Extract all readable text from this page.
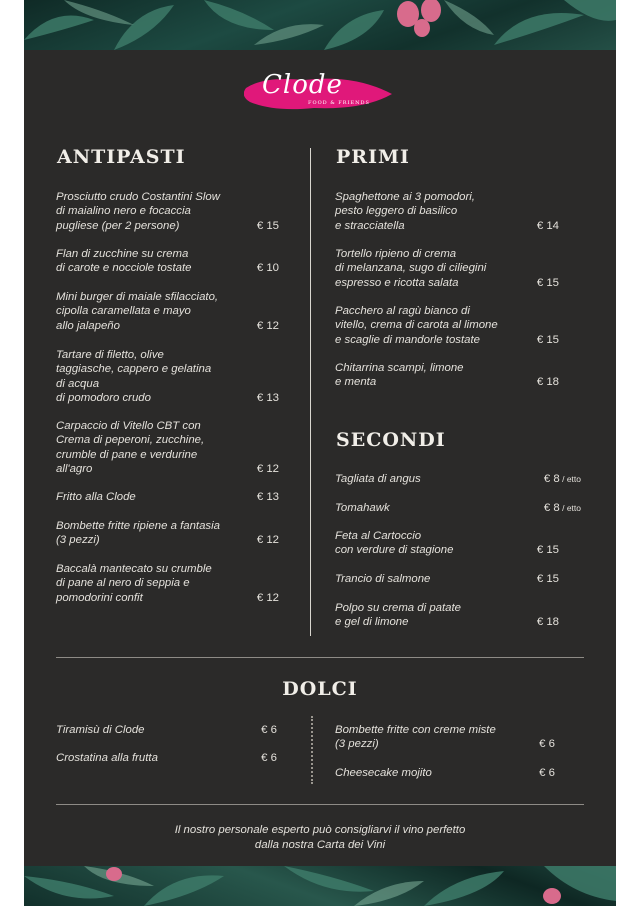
Clode
FOOD & FRIENDS
ANTIPASTI	PRIMI
Prosciutto crudo Costantini Slow
di maialino nero e focaccia
pugliese (per 2 persone)	€ 15
Flan di zucchine su crema
di carote e nocciole tostate	€ 10
Mini burger di maiale sfilacciato,
cipolla caramellata e mayo
allo jalapeño	€ 12
Tartare di filetto, olive
taggiasche, cappero e gelatina
di acqua
di pomodoro crudo	€ 13
Carpaccio di Vitello CBT con
Crema di peperoni, zucchine,
crumble di pane e verdurine
all'agro	€ 12
Fritto alla Clode	€ 13
Bombette fritte ripiene a fantasia
(3 pezzi)	€ 12
Baccalà mantecato su crumble
di pane al nero di seppia e
pomodorini confit	€ 12
Spaghettone ai 3 pomodori,
pesto leggero di basilico
e stracciatella	€ 14
Tortello ripieno di crema
di melanzana, sugo di ciliegini
espresso e ricotta salata	€ 15
Pacchero al ragù bianco di
vitello, crema di carota al limone
e scaglie di mandorle tostate	€ 15
Chitarrina scampi, limone
e menta	€ 18
SECONDI
Tagliata di angus	€ 8 / etto
Tomahawk	€ 8 / etto
Feta al Cartoccio
con verdure di stagione	€ 15
Trancio di salmone	€ 15
Polpo su crema di patate
e gel di limone	€ 18
DOLCI
Tiramisù di Clode	€ 6
Crostatina alla frutta	€ 6
Bombette fritte con creme miste
(3 pezzi)	€ 6
Cheesecake mojito	€ 6
Il nostro personale esperto può consigliarvi il vino perfetto
dalla nostra Carta dei Vini
